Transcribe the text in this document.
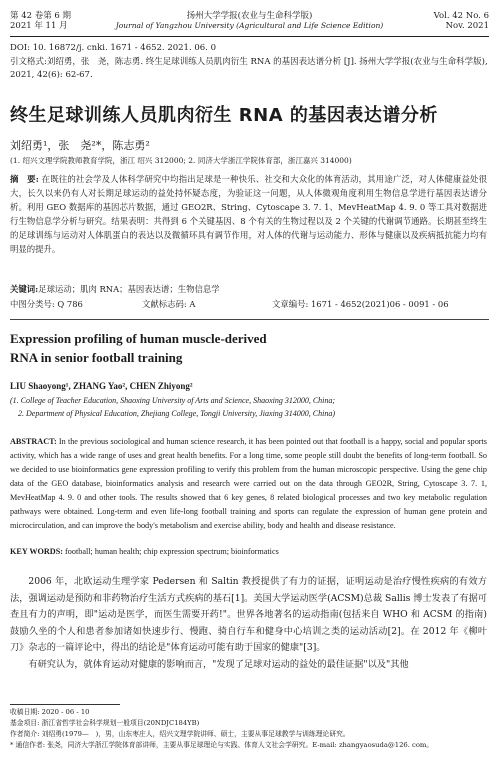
第 42 卷第 6 期
2021 年 11 月
扬州大学学报(农业与生命科学版)
Journal of Yangzhou University (Agricultural and Life Science Edition)
Vol. 42 No. 6
Nov. 2021
DOI: 10. 16872/j. cnki. 1671 - 4652. 2021. 06. 0
引文格式:刘绍勇，张　尧，陈志勇. 终生足球训练人员肌肉衍生 RNA 的基因表达谱分析 [J]. 扬州大学学报(农业与生命科学版), 2021, 42(6): 62-67.
终生足球训练人员肌肉衍生 RNA 的基因表达谱分析
刘绍勇¹，张　尧²*，陈志勇²
(1. 绍兴文理学院教师教育学院，浙江 绍兴 312000; 2. 同济大学浙江学院体育部，浙江嘉兴 314000)
摘　要: 在既往的社会学及人体科学研究中均指出足球是一种快乐、社交和大众化的体育活动，其用途广泛，对人体健康益处很大，长久以来仍有人对长期足球运动的益处持怀疑态度，为验证这一问题，从人体微观角度利用生物信息学进行基因表达谱分析。利用 GEO 数据库的基因芯片数据，通过 GEO2R、String、Cytoscape 3. 7. 1、MevHeatMap 4. 9. 0 等工具对数据进行生物信息学分析与研究。结果表明：共得到 6 个关键基因、8 个有关的生物过程以及 2 个关键的代谢调节通路。长期甚至终生的足球训练与运动对人体肌蛋白的表达以及微循环具有调节作用，对人体的代谢与运动能力、形体与健康以及疾病抵抗能力均有明显的提升。
关键词:足球运动；肌肉 RNA；基因表达谱；生物信息学
中图分类号: Q 786	文献标志码: A	文章编号: 1671 - 4652(2021)06 - 0091 - 06
Expression profiling of human muscle-derived
RNA in senior football training
LIU Shaoyong¹, ZHANG Yao², CHEN Zhiyong²
(1. College of Teacher Education, Shaoxing University of Arts and Science, Shaoxing 312000, China;
2. Department of Physical Education, Zhejiang College, Tongji University, Jiaxing 314000, China)
ABSTRACT: In the previous sociological and human science research, it has been pointed out that football is a happy, social and popular sports activity, which has a wide range of uses and great health benefits. For a long time, some people still doubt the benefits of long-term football. So we decided to use bioinformatics gene expression profiling to verify this problem from the human microscopic perspective. Using the gene chip data of the GEO database, bioinformatics analysis and research were carried out on the data through GEO2R, String, Cytoscape 3. 7. 1, MevHeatMap 4. 9. 0 and other tools. The results showed that 6 key genes, 8 related biological processes and two key metabolic regulation pathways were obtained. Long-term and even life-long football training and sports can regulate the expression of human gene protein and microcirculation, and can improve the body's metabolism and exercise ability, body and health and disease resistance.
KEY WORDS: football; human health; chip expression spectrum; bioinformatics

2006 年，北欧运动生理学家 Pedersen 和 Saltin 教授提供了有力的证据，证明运动是治疗慢性疾病的有效方法，强调运动是预防和非药物治疗生活方式疾病的基石[1]。美国大学运动医学(ACSM)总裁 Sallis 博士发表了有据可查且有力的声明，即"运动是医学，而医生需要开药!"。世界各地著名的运动指南(包括来自 WHO 和 ACSM 的指南)鼓励久坐的个人和患者参加诸如快速步行、慢跑、骑自行车和健身中心培训之类的运动活动[2]。在 2012 年《柳叶刀》杂志的一篇评论中，得出的结论是"体育运动可能有助于国家的健康"[3]。

有研究认为，就体育运动对健康的影响而言，"发现了足球对运动的益处的最佳证据"以及"其他

收稿日期: 2020 - 06 - 10
基金项目: 浙江省哲学社会科学规划一般项目(20NDJC184YB)
作者简介: 刘绍勇(1979—　)，男，山东枣庄人，绍兴文理学院讲师、硕士，主要从事足球教学与训练理论研究。
* 通信作者: 张尧，同济大学浙江学院体育部讲师，主要从事足球理论与实践、体育人文社会学研究。E-mail: zhangyaosuda@126. com。
